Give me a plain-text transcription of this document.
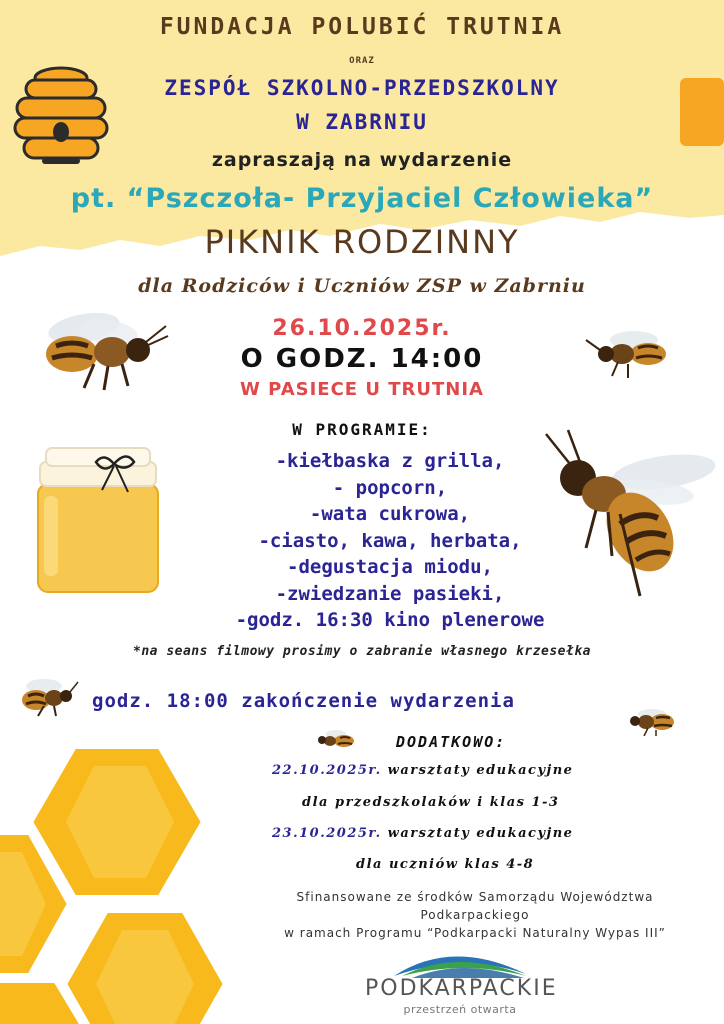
FUNDACJA POLUBIĆ TRUTNIA
ORAZ
ZESPÓŁ SZKOLNO-PRZEDSZKOLNY
W ZABRNIU
zapraszają na wydarzenie
pt. “Pszczoła- Przyjaciel Człowieka”
PIKNIK RODZINNY
dla Rodziców i Uczniów ZSP w Zabrniu
26.10.2025r.
O GODZ. 14:00
W PASIECE U TRUTNIA
W PROGRAMIE:
-kiełbaska z grilla,
- popcorn,
-wata cukrowa,
-ciasto, kawa, herbata,
-degustacja miodu,
-zwiedzanie pasieki,
-godz. 16:30 kino plenerowe
*na seans filmowy prosimy o zabranie własnego krzesełka
godz. 18:00 zakończenie wydarzenia
DODATKOWO:
22.10.2025r. warsztaty edukacyjne
dla przedszkolaków i klas 1-3
23.10.2025r. warsztaty edukacyjne
dla uczniów klas 4-8
Sfinansowane ze środków Samorządu Województwa
Podkarpackiego
w ramach Programu “Podkarpacki Naturalny Wypas III”
PODKARPACKIE
przestrzeń otwarta
